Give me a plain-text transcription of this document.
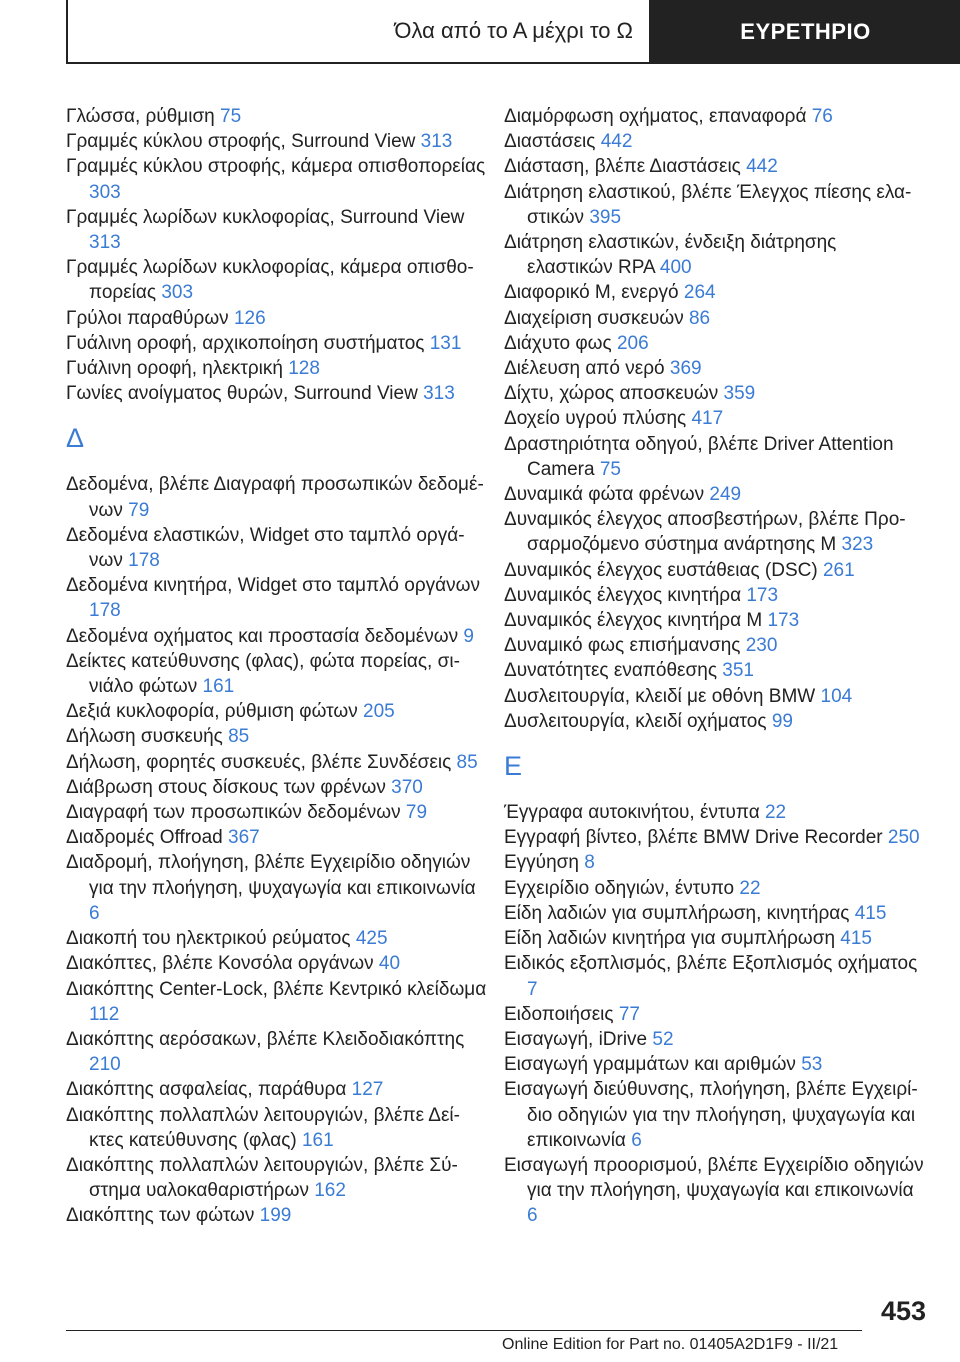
Όλα από το Α μέχρι το Ω	ΕΥΡΕΤΗΡΙΟ
Γλώσσα, ρύθμιση 75
Γραμμές κύκλου στροφής, Surround View 313
Γραμμές κύκλου στροφής, κάμερα οπισθοπορείας 303
Γραμμές λωρίδων κυκλοφορίας, Surround View 313
Γραμμές λωρίδων κυκλοφορίας, κάμερα οπισθοπορείας 303
Γρύλοι παραθύρων 126
Γυάλινη οροφή, αρχικοποίηση συστήματος 131
Γυάλινη οροφή, ηλεκτρική 128
Γωνίες ανοίγματος θυρών, Surround View 313
Δ
Δεδομένα, βλέπε Διαγραφή προσωπικών δεδομένων 79
Δεδομένα ελαστικών, Widget στο ταμπλό οργάνων 178
Δεδομένα κινητήρα, Widget στο ταμπλό οργάνων 178
Δεδομένα οχήματος και προστασία δεδομένων 9
Δείκτες κατεύθυνσης (φλας), φώτα πορείας, σινιάλο φώτων 161
Δεξιά κυκλοφορία, ρύθμιση φώτων 205
Δήλωση συσκευής 85
Δήλωση, φορητές συσκευές, βλέπε Συνδέσεις 85
Διάβρωση στους δίσκους των φρένων 370
Διαγραφή των προσωπικών δεδομένων 79
Διαδρομές Offroad 367
Διαδρομή, πλοήγηση, βλέπε Εγχειρίδιο οδηγιών για την πλοήγηση, ψυχαγωγία και επικοινωνία 6
Διακοπή του ηλεκτρικού ρεύματος 425
Διακόπτες, βλέπε Κονσόλα οργάνων 40
Διακόπτης Center-Lock, βλέπε Κεντρικό κλείδωμα 112
Διακόπτης αερόσακων, βλέπε Κλειδοδιακόπτης 210
Διακόπτης ασφαλείας, παράθυρα 127
Διακόπτης πολλαπλών λειτουργιών, βλέπε Δείκτες κατεύθυνσης (φλας) 161
Διακόπτης πολλαπλών λειτουργιών, βλέπε Σύστημα υαλοκαθαριστήρων 162
Διακόπτης των φώτων 199
Διαμόρφωση οχήματος, επαναφορά 76
Διαστάσεις 442
Διάσταση, βλέπε Διαστάσεις 442
Διάτρηση ελαστικού, βλέπε Έλεγχος πίεσης ελαστικών 395
Διάτρηση ελαστικών, ένδειξη διάτρησης ελαστικών RPA 400
Διαφορικό M, ενεργό 264
Διαχείριση συσκευών 86
Διάχυτο φως 206
Διέλευση από νερό 369
Δίχτυ, χώρος αποσκευών 359
Δοχείο υγρού πλύσης 417
Δραστηριότητα οδηγού, βλέπε Driver Attention Camera 75
Δυναμικά φώτα φρένων 249
Δυναμικός έλεγχος αποσβεστήρων, βλέπε Προσαρμοζόμενο σύστημα ανάρτησης M 323
Δυναμικός έλεγχος ευστάθειας (DSC) 261
Δυναμικός έλεγχος κινητήρα 173
Δυναμικός έλεγχος κινητήρα M 173
Δυναμικό φως επισήμανσης 230
Δυνατότητες εναπόθεσης 351
Δυσλειτουργία, κλειδί με οθόνη BMW 104
Δυσλειτουργία, κλειδί οχήματος 99
Ε
Έγγραφα αυτοκινήτου, έντυπα 22
Εγγραφή βίντεο, βλέπε BMW Drive Recorder 250
Εγγύηση 8
Εγχειρίδιο οδηγιών, έντυπο 22
Είδη λαδιών για συμπλήρωση, κινητήρας 415
Είδη λαδιών κινητήρα για συμπλήρωση 415
Ειδικός εξοπλισμός, βλέπε Εξοπλισμός οχήματος 7
Ειδοποιήσεις 77
Εισαγωγή, iDrive 52
Εισαγωγή γραμμάτων και αριθμών 53
Εισαγωγή διεύθυνσης, πλοήγηση, βλέπε Εγχειρίδιο οδηγιών για την πλοήγηση, ψυχαγωγία και επικοινωνία 6
Εισαγωγή προορισμού, βλέπε Εγχειρίδιο οδηγιών για την πλοήγηση, ψυχαγωγία και επικοινωνία 6
453
Online Edition for Part no. 01405A2D1F9 - II/21
